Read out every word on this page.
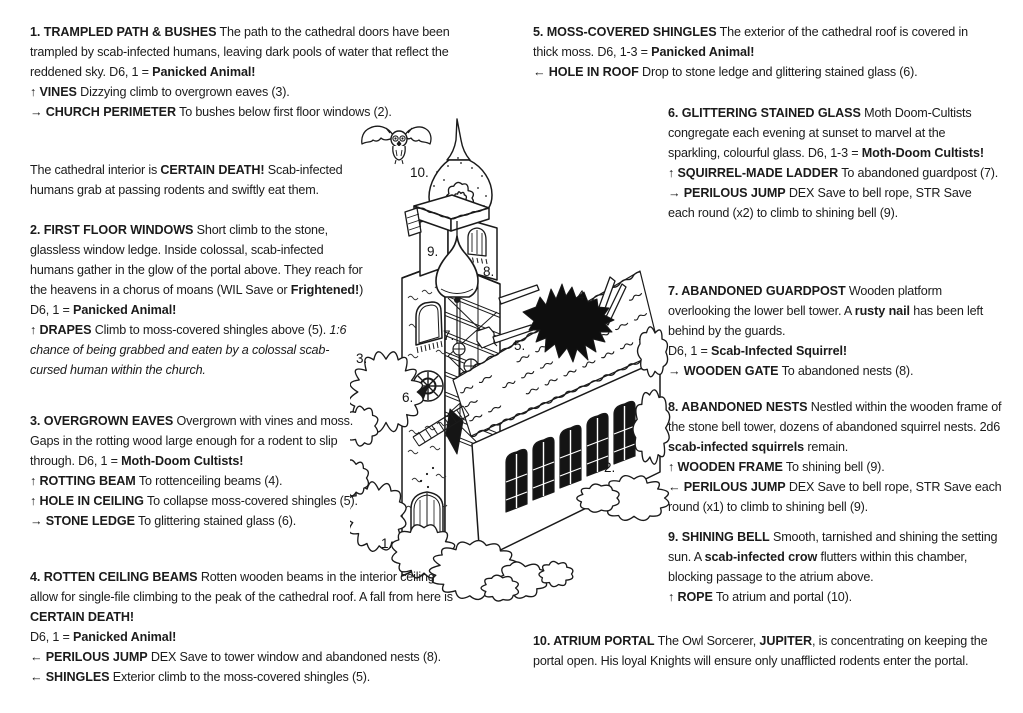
1.
2.
3.
4.
5.
6.
7.
8.
9.
10.
1. TRAMPLED PATH & BUSHES The path to the cathedral doors have been trampled by scab-infected humans, leaving dark pools of water that reflect the reddened sky. D6, 1 = Panicked Animal!
↑ VINES Dizzying climb to overgrown eaves (3).
→ CHURCH PERIMETER To bushes below first floor windows (2).
The cathedral interior is CERTAIN DEATH! Scab-infected humans grab at passing rodents and swiftly eat them.
2. FIRST FLOOR WINDOWS Short climb to the stone, glassless window ledge. Inside colossal, scab-infected humans gather in the glow of the portal above. They reach for the heavens in a chorus of moans (WIL Save or Frightened!)
D6, 1 = Panicked Animal!
↑ DRAPES Climb to moss-covered shingles above (5). 1:6 chance of being grabbed and eaten by a colossal scab-cursed human within the church.
3. OVERGROWN EAVES Overgrown with vines and moss. Gaps in the rotting wood large enough for a rodent to slip through. D6, 1 = Moth-Doom Cultists!
↑ ROTTING BEAM To rottenceiling beams (4).
↑ HOLE IN CEILING To collapse moss-covered shingles (5).
→ STONE LEDGE To glittering stained glass (6).
4. ROTTEN CEILING BEAMS Rotten wooden beams in the interior ceiling allow for single-file climbing to the peak of the cathedral roof. A fall from here is CERTAIN DEATH!
D6, 1 = Panicked Animal!
← PERILOUS JUMP DEX Save to tower window and abandoned nests (8).
← SHINGLES Exterior climb to the moss-covered shingles (5).
5. MOSS-COVERED SHINGLES The exterior of the cathedral roof is covered in thick moss. D6, 1-3 = Panicked Animal!
← HOLE IN ROOF Drop to stone ledge and glittering stained glass (6).
6. GLITTERING STAINED GLASS Moth Doom-Cultists congregate each evening at sunset to marvel at the sparkling, colourful glass. D6, 1-3 = Moth-Doom Cultists!
↑ SQUIRREL-MADE LADDER To abandoned guardpost (7).
→ PERILOUS JUMP DEX Save to bell rope, STR Save each round (x2) to climb to shining bell (9).
7. ABANDONED GUARDPOST Wooden platform overlooking the lower bell tower. A rusty nail has been left behind by the guards.
D6, 1 = Scab-Infected Squirrel!
→ WOODEN GATE To abandoned nests (8).
8. ABANDONED NESTS Nestled within the wooden frame of the stone bell tower, dozens of abandoned squirrel nests. 2d6 scab-infected squirrels remain.
↑ WOODEN FRAME To shining bell (9).
← PERILOUS JUMP DEX Save to bell rope, STR Save each round (x1) to climb to shining bell (9).
9. SHINING BELL Smooth, tarnished and shining the setting sun. A scab-infected crow flutters within this chamber, blocking passage to the atrium above.
↑ ROPE To atrium and portal (10).
10. ATRIUM PORTAL The Owl Sorcerer, JUPITER, is concentrating on keeping the portal open. His loyal Knights will ensure only unafflicted rodents enter the portal.
